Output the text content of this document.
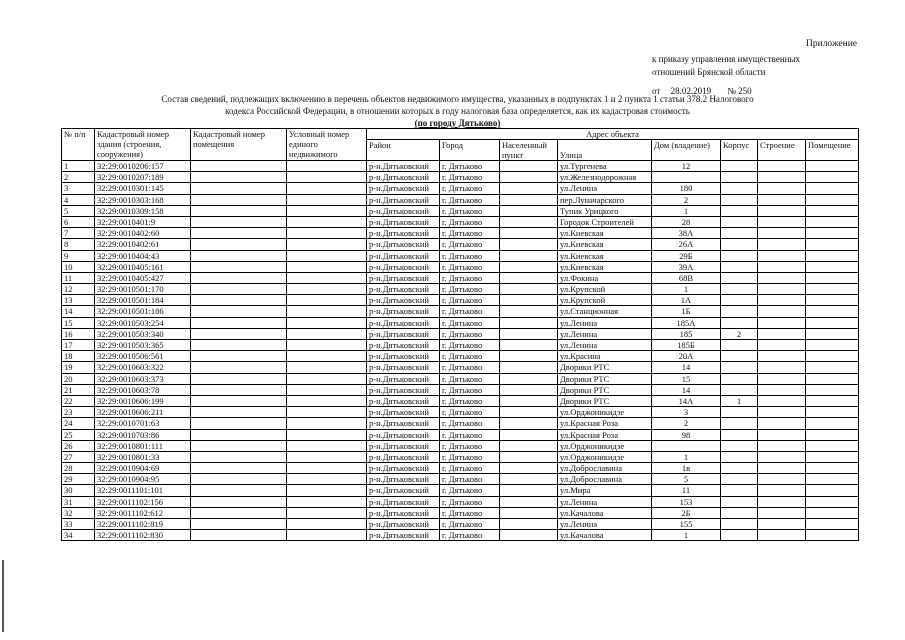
Приложение
к приказу управления имущественных
отношений Брянской области
от 28.02.2019 № 250
Состав сведений, подлежащих включению в перечень объектов недвижимого имущества, указанных в подпунктах 1 и 2 пункта 1 статьи 378.2 Налогового
кодекса Российской Федерации, в отношении которых в году налоговая база определяется, как их кадастровая стоимость
(по городу Дятьково)
№ п/п	Кадастровый номер здания (строения, сооружения)	Кадастровый номер помещения	Условный номер единого недвижимого	Адрес объекта							
				Район	Город	Населенный пункт	Улица	Дом (владение)	Корпус	Строение	Помещение
1	32:29:0010206:157			р-н.Дятьковский	г. Дятьково		ул.Тургенева	12			
2	32:29:0010207:189			р-н.Дятьковский	г. Дятьково		ул.Железнодорожная				
3	32:29:0010301:145			р-н.Дятьковский	г. Дятьково		ул.Ленина	180			
4	32:29:0010303:168			р-н.Дятьковский	г. Дятьково		пер.Луначарского	2			
5	32:29:0010309:158			р-н.Дятьковский	г. Дятьково		Тупик Урицкого	1			
6	32:29:0010401:9			р-н.Дятьковский	г. Дятьково		Городок Строителей	28			
7	32:29:0010402:60			р-н.Дятьковский	г. Дятьково		ул.Киевская	38А			
8	32:29:0010402:61			р-н.Дятьковский	г. Дятьково		ул.Киевская	26А			
9	32:29:0010404:43			р-н.Дятьковский	г. Дятьково		ул.Киевская	29Б			
10	32:29:0010405:161			р-н.Дятьковский	г. Дятьково		ул.Киевская	39А			
11	32:29:0010405:427			р-н.Дятьковский	г. Дятьково		ул.Фокина	68В			
12	32:29:0010501:170			р-н.Дятьковский	г. Дятьково		ул.Крупской	1			
13	32:29:0010501:184			р-н.Дятьковский	г. Дятьково		ул.Крупской	1А			
14	32:29:0010501:186			р-н.Дятьковский	г. Дятьково		ул.Станционная	1Б			
15	32:29:0010503:254			р-н.Дятьковский	г. Дятьково		ул.Ленина	185А			
16	32:29:0010503:340			р-н.Дятьковский	г. Дятьково		ул.Ленина	185	2		
17	32:29:0010503:365			р-н.Дятьковский	г. Дятьково		ул.Ленина	185Б			
18	32:29:0010506:561			р-н.Дятьковский	г. Дятьково		ул.Красина	20А			
19	32:29:0010603:322			р-н.Дятьковский	г. Дятьково		Дворики РТС	14			
20	32:29:0010603:373			р-н.Дятьковский	г. Дятьково		Дворики РТС	15			
21	32:29:0010603:78			р-н.Дятьковский	г. Дятьково		Дворики РТС	14			
22	32:29:0010606:199			р-н.Дятьковский	г. Дятьково		Дворики РТС	14А	1		
23	32:29:0010606:211			р-н.Дятьковский	г. Дятьково		ул.Орджоникидзе	3			
24	32:29:0010701:63			р-н.Дятьковский	г. Дятьково		ул.Красная Роза	2			
25	32:29:0010703:86			р-н.Дятьковский	г. Дятьково		ул.Красная Роза	98			
26	32:29:0010801:111			р-н.Дятьковский	г. Дятьково		ул.Орджоникидзе				
27	32:29:0010801:33			р-н.Дятьковский	г. Дятьково		ул.Орджоникидзе	1			
28	32:29:0010904:69			р-н.Дятьковский	г. Дятьково		ул.Доброславина	1в			
29	32:29:0010904:95			р-н.Дятьковский	г. Дятьково		ул.Доброславина	5			
30	32:29:0011101:101			р-н.Дятьковский	г. Дятьково		ул.Мира	11			
31	32:29:0011102:156			р-н.Дятьковский	г. Дятьково		ул.Ленина	153			
32	32:29:0011102:612			р-н.Дятьковский	г. Дятьково		ул.Качалова	2Б			
33	32:29:0011102:819			р-н.Дятьковский	г. Дятьково		ул.Ленина	155			
34	32:29:0011102:830			р-н.Дятьковский	г. Дятьково		ул.Качалова	1			
